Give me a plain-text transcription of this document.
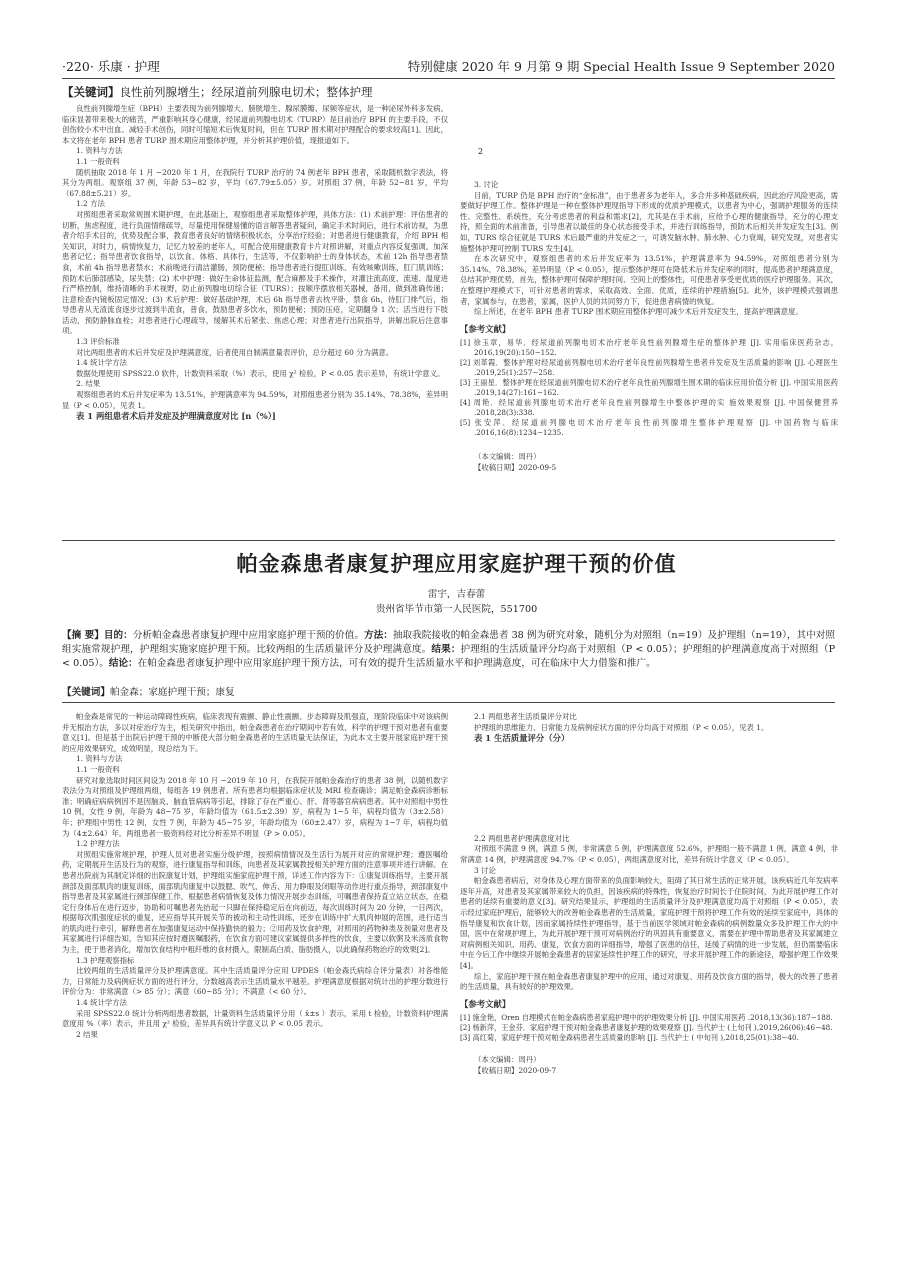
·220· 乐康 · 护理	特别健康 2020 年 9 月第 9 期 Special Health Issue 9 September 2020
【关键词】良性前列腺增生；经尿道前列腺电切术；整体护理

良性前列腺增生症（BPH）主要表现为前列腺增大、膀胱增生、腺尿膜瓣、尿频等症状，是一种泌尿外科多发病。临床显著带来极大的痛苦，严重影响其身心健康，经尿道前列腺电切术（TURP）是目前治疗 BPH 的主要手段，不仅创伤较小术中出血、减轻手术创伤，同时可缩短术后恢复时间，但在 TURP 围术期对护理配合的要求较高[1]。因此，本文将在老年 BPH 患者 TURP 围术期应用整体护理，并分析其护理价值，现报道如下。

1. 资料与方法

1.1 一般资料

随机抽取 2018 年 1 月 −2020 年 1 月，在我院行 TURP 治疗的 74 例老年 BPH 患者，采取随机数字表法，将其分为两组。观察组 37 例，年龄 53~82 岁，平均（67.79±5.05）岁。对照组 37 例，年龄 52~81 岁，平均（67.88±5.21）岁。

1.2 方法

对照组患者采取常规围术期护理，在此基础上，观察组患者采取整体护理，具体方法：(1) 术前护理：评估患者的切断，焦虑程度，进行负面情绪疏导，尽量使用保健易懂的语言解答患者疑问，确定手术时间后，进行术前访视，为患者介绍手术目的，优势及配合事，教育患者良好的情绪积极状态，分享治疗经验；对患者进行健康教育，介绍 BPH 相关知识，对时力，病情恢复力，记忆力较差的老年人，可配合使用健康教育卡片对照讲解，对重点内容反复强调，加深患者记忆；指导患者饮食指导，以饮食、体格、具体行，生活等，不仅影响护士的身体状态，术前 12h 指导患者禁食，术前 4h 指导患者禁水；术前晚进行清洁灌肠，预防便秘；指导患者进行提肛训练、有效咳嗽训练，肛门肌训练；预防术后肺部感染，尿失禁；(2) 术中护理：做好生命体征监测，配合麻醉及手术操作，对灌注流高度、流速、温度进行严格控制，维持清晰的手术视野，防止前列腺电切综合征（TURS）；按顺序摆放相关器械，备用，做到准确传递；注意检查内镜板固定情况；(3) 术后护理：做好基础护理，术后 6h 指导患者去枕平卧，禁食 6h，待肛门排气后，指导患者从无渣流食逐步过渡到半流食，普食，鼓励患者多饮水，预防便秘；预防压疮，定期翻身 1 次；活当进行下肢活动，预防静脉血栓；对患者进行心理疏导，缓解其术后紧张、焦虑心理；对患者进行出院指导，讲解出院后注意事项。

1.3 评价标准

对比两组患者的术后并发症及护理满意度，后者使用自制满意量表评价，总分超过 60 分为满意。

1.4 统计学方法

数据处理使用 SPSS22.0 软件，计数资料采取（%）表示，使用 χ² 检验，P < 0.05 表示差异，有统计学意义。

2. 结果

观察组患者的术后并发症率为 13.51%，护理满意率为 94.59%，对照组患者分别为 35.14%、78.38%，差异明显（P < 0.05），见表 1。

表 1 两组患者术后并发症及护理满意度对比 [n（%）]

2

3. 讨论

目前，TURP 仍是 BPH 治疗的“金标准”，由于患者多为老年人，多合并多种基础疾病，因此治疗风险更高，需要做好护理工作。整体护理是一种在整体护理现指导下形成的优质护理模式，以患者为中心，强调护理服务的连续性、完整性、系统性，充分考虑患者的利益和需求[2]，尤其是在手术前，应给予心理的健康指导，充分的心理支持，照全面的术前准备，引导患者以最佳的身心状态接受手术，并进行训练指导，预防术后相关并发症发生[3]。例如，TURS 综合征就是 TURS 术后最严重的并发症之一，可诱发脑水肿、肺水肿、心力衰竭，研究发现，对患者实施整体护理可控制 TURS 发生[4]。

在本次研究中，观察组患者的术后并发症率为 13.51%，护理满意率为 94.59%，对照组患者分别为 35.14%、78.38%，差异明显（P < 0.05），提示整体护理可在降低术后并发症率的同时，提高患者护理满意度，总结其护理优势，首先，整体护理可保障护理时间、空间上的整体性，可使患者享受更优质的医疗护理服务。其次，在整理护理模式下，可针对患者的需求，采取高效、全面、优质，连续的护理措施[5]。此外，该护理模式强调患者，家属参与，在患者，家属，医护人员的共同努力下，促进患者病情的恢复。

综上所述，在老年 BPH 患者 TURP 围术期应用整体护理可减少术后并发症发生，提高护理满意度。

【参考文献】

[1] 徐玉章，易华．经尿道前列腺电切术治疗老年良性前列腺增生症的整体护理 [J]. 实用临床医药杂志，2016,19(20):150−152.

[2] 刘革霞．整体护理对经尿道前列腺电切术治疗老年良性前列腺增生患者并发症及生活质量的影响 [J]. 心理医生 .2019,25(1):257−258.

[3] 王丽星．整体护理在经尿道前列腺电切术治疗老年良性前列腺增生围术期的临床应用价值分析 [J]. 中国实用医药 .2019,14(27):161−162.

[4] 周艳．经尿道前列腺电切术治疗老年良性前列腺增生中整体护理的实 施效果观察 [J]. 中国保健营养 .2018,28(3):338.

[5] 张安萍．经尿道前列腺电切术治疗老年良性前列腺增生整体护理观察 [J]. 中国药物与临床 .2016,16(8):1234−1235.

（本文编辑：周丹）

【收稿日期】2020-09-5

帕金森患者康复护理应用家庭护理干预的价值
雷宇，吉春蕾
贵州省毕节市第一人民医院，551700
【摘 要】目的：分析帕金森患者康复护理中应用家庭护理干预的价值。方法：抽取我院接收的帕金森患者 38 例为研究对象，随机分为对照组（n=19）及护理组（n=19），其中对照组实施常规护理，护理组实施家庭护理干预。比较两组的生活质量评分及护理满意度。结果：护理组的生活质量评分均高于对照组（P < 0.05）；护理组的护理满意度高于对照组（P < 0.05）。结论：在帕金森患者康复护理中应用家庭护理干预方法，可有效的提升生活质量水平和护理满意度，可在临床中大力借鉴和推广。
【关键词】帕金森；家庭护理干预；康复

帕金森是常见的一种运动障碍性疾病，临床表现有震颤、静止性震颤、步态障碍及肌强直，现阶段临床中对该病例并无根治方法，多以对症治疗为主，相关研究中指出，帕金森患者在治疗期间中若有效、科学的护理干预对患者有重要意义[1]。但是基于出院后护理干预的中断使大部分帕金森患者的生活质量无法保证，为此本文主要开展家庭护理干预的应用效果研究，成效明显，现总结为下。

1. 资料与方法

1.1 一般资料

研究对象选取时间区间设为 2018 年 10 月 −2019 年 10 月，在我院开展帕金森治疗的患者 38 例，以随机数字表法分为对照组及护理组两组，每组各 19 例患者。所有患者均根据临床症状及 MRI 检查确诊；满足帕金森病诊断标准；明确症病病例因不是因脑炎、脑血管病病等引起，排除了存在严重心、肝、肾等器官病病患者。其中对照组中男性 10 例，女性 9 例，年龄为 48~75 岁，年龄均值为（61.5±2.39）岁，病程为 1~5 年，病程均值为（3±2.58）年；护理组中男性 12 例，女性 7 例，年龄为 45~75 岁，年龄均值为（60±2.47）岁，病程为 1~7 年，病程均值为（4±2.64）年。两组患者一般资料经对比分析差异不明显（P > 0.05）。

1.2 护理方法

对照组实施常规护理，护理人员对患者实施分级护理，按照病情情况及生活行为展开对应的常规护理；遵医嘱给药，定期展开生活及行为的观察，进行康复指导和训练，向患者及其家属教授相关护理方面的注意事项并进行讲解。在患者出院前为其制定详细的出院康复计划，护理组实施家庭护理干预，详述工作内容为下：①康复训练指导，主要开展颈部及面部肌肉的康复训练，面部肌肉康复中以鼓腮、吹气、伸舌、用力睁眼及闭眼等动作进行重点指导，颈部康复中指导患者及其家属进行颈部保健工作，根据患者病情恢复及体力情况开展步态训练，可嘱患者保持直立站立状态，在稳定行身体后在进行迈步，协助和可嘱患者先抬起一只脚在保持稳定后在向前迈，每次训练时间为 20 分钟，一日两次，根据每次肌强度症状的重复，还应指导其开展关节的被动和主动性训练，还步在训练中扩大肌肉伸展的范围，进行适当的肌肉进行牵引，解释患者在加强康复运动中保持勤快的毅力；②用药及饮食护理，对照用的药物种类及剂量对患者及其家属进行详细告知，告知其应按时遵医嘱服药，在饮食方面可建议家属提供多样性的饮食，主要以软粥及米汤质食物为主，使于患者消化，增加饮食结构中粗纤维的食材摄入，限制高白质、脂肪摄入，以此确保药物治疗的效果[2]。

1.3 护理观察指标

比较两组的生活质量评分及护理满意度。其中生活质量评分应用 UPDES（帕金森氏病综合评分量表）对各维能力，日常能力及病例症状方面的进行评分，分数越高表示生活质量水平越差。护理满意度根据对统计出的护理分数进行评价分为：非常满意（> 85 分）；满意（60~85 分）；不满意（< 60 分）。

1.4 统计学方法

采用 SPSS22.0 统计分析两组患者数据，计量资料生活质量评分用（ x̄±s ）表示，采用 t 检验，计数资料护理满意度用 %（率）表示，并且用 χ² 检验，差异具有统计学意义以 P < 0.05 表示。

2 结果

2.1 两组患者生活质量评分对比

护理组的思维能力、日常能力及病例症状方面的评分均高于对照组（P < 0.05），见表 1。

表 1 生活质量评分（分）

2.2 两组患者护理满意度对比

对照组不满意 9 例，满意 5 例，非常满意 5 例，护理满意度 52.6%，护理组一般不满意 1 例，满意 4 例，非常满意 14 例，护理满意度 94.7%（P < 0.05），两组满意度对比，差异有统计学意义（P < 0.05）。

3 讨论

帕金森患者病后，对身体及心理方面带来的负面影响较大，阻碍了其日常生活的正常开展，该疾病近几年发病率逐年升高，对患者及其家属带来较大的负担，因该疾病的特殊性，恢复治疗时间长于住院时间，为此开展护理工作对患者的延续有重要的意义[3]。研究结果显示，护理组的生活质量评分及护理满意度均高于对照组（P < 0.05），表示经过家庭护理后，能够较大的改善帕金森患者的生活质量，家庭护理干预将护理工作有效的延续至家庭中，具体的指导康复和饮食计划，因而家属持续性护理指导，基于当前医学领域对帕金森病的病例数量众多及护理工作大的中国，医中在常规护理上，为此开展护理干预可对病例治疗的巩固具有重要意义，需要在护理中帮助患者及其家属建立对病例相关知识、用药、康复，饮食方面的详细指导，增强了医患的信任，延缓了病情的进一步发展，但仍需要临床中在今后工作中继续开展帕金森患者的居家延续性护理工作的研究，寻求开展护理工作的新途径，增强护理工作效果[4]。

综上，家庭护理干预在帕金森患者康复护理中的应用，通过对康复、用药及饮食方面的指导，极大的改善了患者的生活质量，具有较好的护理效果。

【参考文献】

[1] 施金艳，Oren 自理模式在帕金森病患者家庭护理中的护理效果分析 [J]. 中国实用医药 .2018,13(36):187−188.

[2] 杨新萍，王金芬．家庭护理干预对帕金森患者康复护理的效果观察 [J]. 当代护士 (上旬刊 ),2019,26(06):46−48.

[3] 高红菊，家庭护理干预对帕金森病患者生活质量的影响 [J]. 当代护士 ( 中旬刊 ),2018,25(01):38−40.

（本文编辑：周丹）

【收稿日期】2020-09-7
